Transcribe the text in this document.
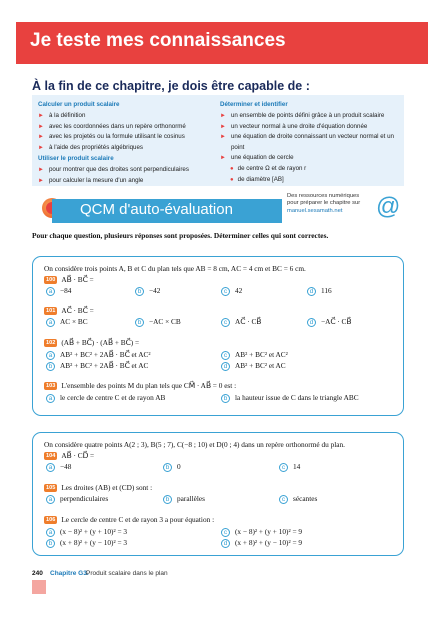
Je teste mes connaissances
À la fin de ce chapitre, je dois être capable de :
Calculer un produit scalaire
► à la définition
► avec les coordonnées dans un repère orthonormé
► avec les projetés ou la formule utilisant le cosinus
► à l'aide des propriétés algébriques
Utiliser le produit scalaire
► pour montrer que des droites sont perpendiculaires
► pour calculer la mesure d'un angle
Déterminer et identifier
► un ensemble de points défini grâce à un produit scalaire
► un vecteur normal à une droite d'équation donnée
► une équation de droite connaissant un vecteur normal et un
point
► une équation de cercle
● de centre Ω et de rayon r
● de diamètre [AB]
QCM d'auto-évaluation
Des ressources numériques
pour préparer le chapitre sur
manuel.sesamath.net	@
Pour chaque question, plusieurs réponses sont proposées. Déterminer celles qui sont correctes.
On considère trois points A, B et C du plan tels que AB = 8 cm, AC = 4 cm et BC = 6 cm.
100 AB⃗ · BC⃗ =
a −84	b −42	c 42	d 116
101 AC⃗ · BC⃗ =
a AC × BC	b −AC × CB	c AC⃗ · CB⃗	d −AC⃗ · CB⃗
102 (AB⃗ + BC⃗) · (AB⃗ + BC⃗) =
a AB² + BC² + 2AB⃗ · BC⃗ et AC²	c AB² + BC² et AC²
b AB² + BC² + 2AB⃗ · BC⃗ et AC	d AB² + BC² et AC
103 L'ensemble des points M du plan tels que CM⃗ · AB⃗ = 0 est :
a le cercle de centre C et de rayon AB	b la hauteur issue de C dans le triangle ABC
On considère quatre points A(2 ; 3), B(5 ; 7), C(−8 ; 10) et D(0 ; 4) dans un repère orthonormé du plan.
104 AB⃗ · CD⃗ =
a −48	b 0	c 14
105 Les droites (AB) et (CD) sont :
a perpendiculaires	b parallèles	c sécantes
106 Le cercle de centre C et de rayon 3 a pour équation :
a (x − 8)² + (y + 10)² = 3	c (x − 8)² + (y + 10)² = 9
b (x + 8)² + (y − 10)² = 3	d (x + 8)² + (y − 10)² = 9
240 Chapitre G3.
Produit scalaire dans le plan
